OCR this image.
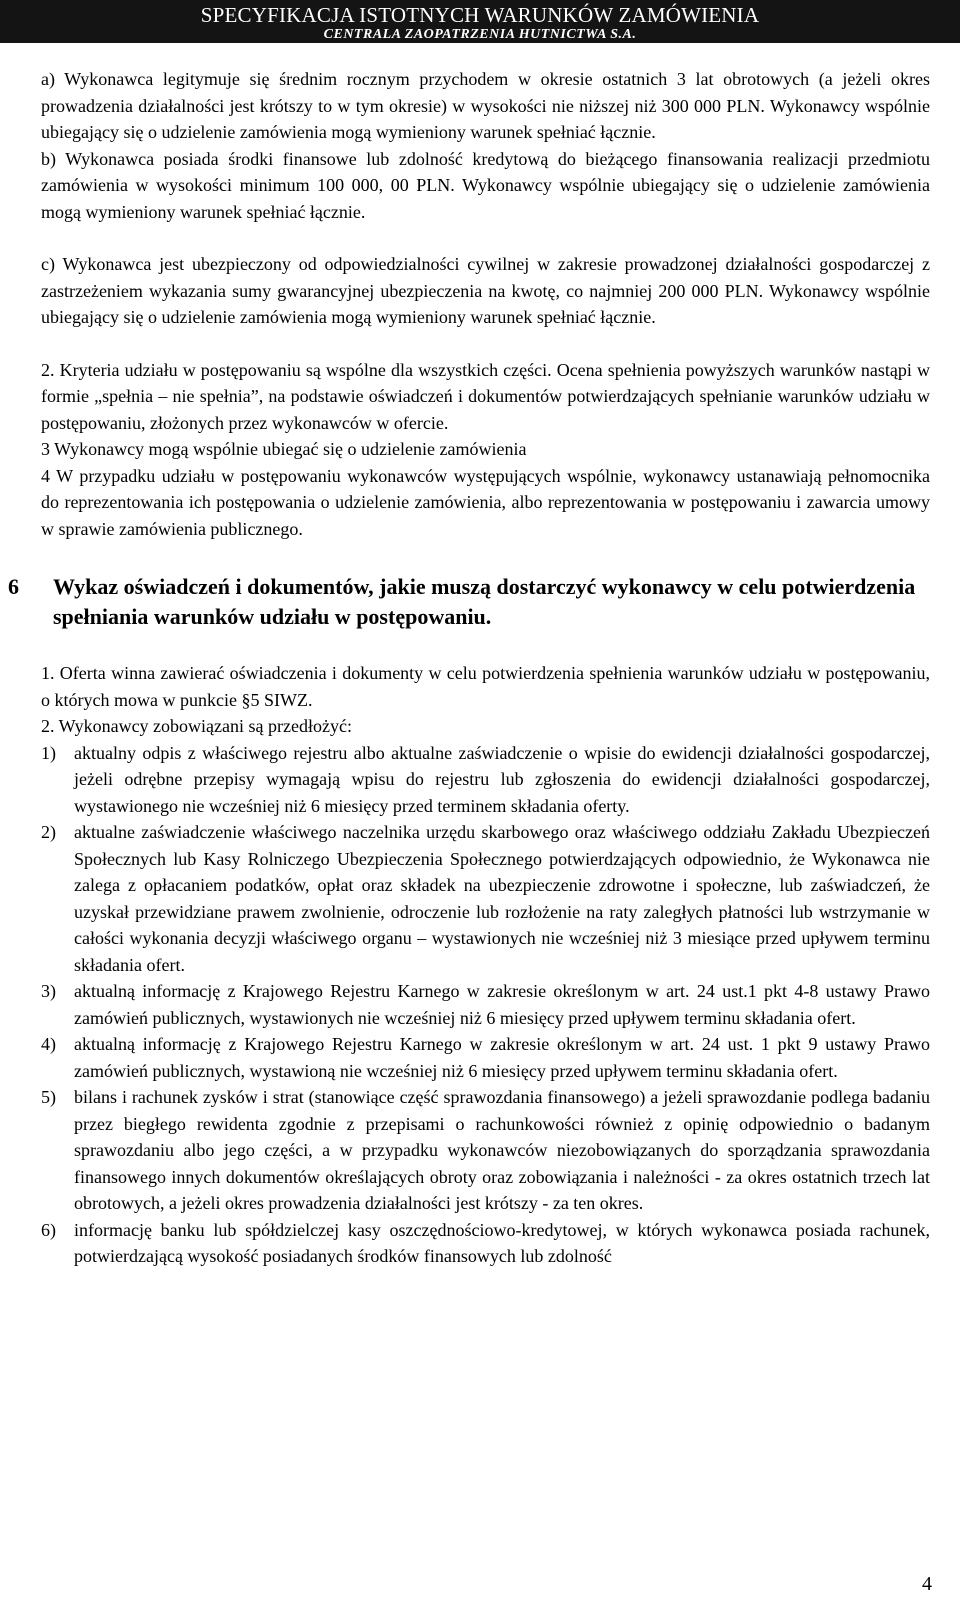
SPECYFIKACJA ISTOTNYCH WARUNKÓW ZAMÓWIENIA
CENTRALA ZAOPATRZENIA HUTNICTWA S.A.

a) Wykonawca legitymuje się średnim rocznym przychodem w okresie ostatnich 3 lat obrotowych (a jeżeli okres prowadzenia działalności jest krótszy to w tym okresie) w wysokości nie niższej niż 300 000 PLN. Wykonawcy wspólnie ubiegający się o udzielenie zamówienia mogą wymieniony warunek spełniać łącznie.

b) Wykonawca posiada środki finansowe lub zdolność kredytową do bieżącego finansowania realizacji przedmiotu zamówienia w wysokości minimum 100 000, 00 PLN. Wykonawcy wspólnie ubiegający się o udzielenie zamówienia mogą wymieniony warunek spełniać łącznie.

c) Wykonawca jest ubezpieczony od odpowiedzialności cywilnej w zakresie prowadzonej działalności gospodarczej z zastrzeżeniem wykazania sumy gwarancyjnej ubezpieczenia na kwotę, co najmniej 200 000 PLN. Wykonawcy wspólnie ubiegający się o udzielenie zamówienia mogą wymieniony warunek spełniać łącznie.

2. Kryteria udziału w postępowaniu są wspólne dla wszystkich części. Ocena spełnienia powyższych warunków nastąpi w formie „spełnia – nie spełnia”, na podstawie oświadczeń i dokumentów potwierdzających spełnianie warunków udziału w postępowaniu, złożonych przez wykonawców w ofercie.

3 Wykonawcy mogą wspólnie ubiegać się o udzielenie zamówienia

4 W przypadku udziału w postępowaniu wykonawców występujących wspólnie, wykonawcy ustanawiają pełnomocnika do reprezentowania ich postępowania o udzielenie zamówienia, albo reprezentowania w postępowaniu i zawarcia umowy w sprawie zamówienia publicznego.

6	Wykaz oświadczeń i dokumentów, jakie muszą dostarczyć wykonawcy w celu potwierdzenia spełniania warunków udziału w postępowaniu.

1. Oferta winna zawierać oświadczenia i dokumenty w celu potwierdzenia spełnienia warunków udziału w postępowaniu, o których mowa w punkcie §5 SIWZ.

2. Wykonawcy zobowiązani są przedłożyć:

1)	aktualny odpis z właściwego rejestru albo aktualne zaświadczenie o wpisie do ewidencji działalności gospodarczej, jeżeli odrębne przepisy wymagają wpisu do rejestru lub zgłoszenia do ewidencji działalności gospodarczej, wystawionego nie wcześniej niż 6 miesięcy przed terminem składania oferty.
2)	aktualne zaświadczenie właściwego naczelnika urzędu skarbowego oraz właściwego oddziału Zakładu Ubezpieczeń Społecznych lub Kasy Rolniczego Ubezpieczenia Społecznego potwierdzających odpowiednio, że Wykonawca nie zalega z opłacaniem podatków, opłat oraz składek na ubezpieczenie zdrowotne i społeczne, lub zaświadczeń, że uzyskał przewidziane prawem zwolnienie, odroczenie lub rozłożenie na raty zaległych płatności lub wstrzymanie w całości wykonania decyzji właściwego organu – wystawionych nie wcześniej niż 3 miesiące przed upływem terminu składania ofert.
3)	aktualną informację z Krajowego Rejestru Karnego w zakresie określonym w art. 24 ust.1 pkt 4-8 ustawy Prawo zamówień publicznych, wystawionych nie wcześniej niż 6 miesięcy przed upływem terminu składania ofert.
4)	aktualną informację z Krajowego Rejestru Karnego w zakresie określonym w art. 24 ust. 1 pkt 9 ustawy Prawo zamówień publicznych, wystawioną nie wcześniej niż 6 miesięcy przed upływem terminu składania ofert.
5)	bilans i rachunek zysków i strat (stanowiące część sprawozdania finansowego) a jeżeli sprawozdanie podlega badaniu przez biegłego rewidenta zgodnie z przepisami o rachunkowości również z opinię odpowiednio o badanym sprawozdaniu albo jego części, a w przypadku wykonawców niezobowiązanych do sporządzania sprawozdania finansowego innych dokumentów określających obroty oraz zobowiązania i należności - za okres ostatnich trzech lat obrotowych, a jeżeli okres prowadzenia działalności jest krótszy - za ten okres.
6)	informację banku lub spółdzielczej kasy oszczędnościowo-kredytowej, w których wykonawca posiada rachunek, potwierdzającą wysokość posiadanych środków finansowych lub zdolność
4
